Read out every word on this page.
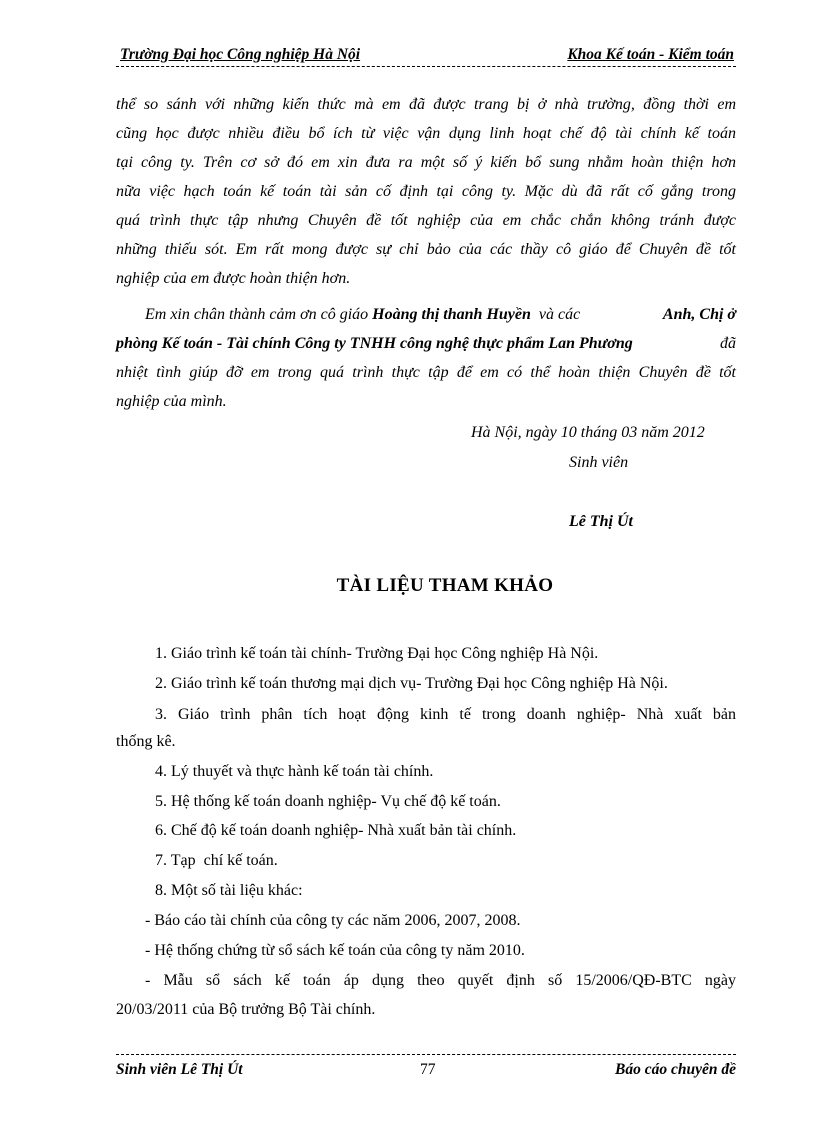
Trường Đại học Công nghiệp Hà Nội	Khoa Kế toán - Kiểm toán
thể so sánh với những kiến thức mà em đã được trang bị ở nhà trường, đồng thời em
cũng học được nhiều điều bổ ích từ việc vận dụng linh hoạt chế độ tài chính kế toán
tại công ty. Trên cơ sở đó em xin đưa ra một số ý kiến bổ sung nhằm hoàn thiện hơn
nữa việc hạch toán kế toán tài sản cố định tại công ty. Mặc dù đã rất cố gắng trong
quá trình thực tập nhưng Chuyên đề tốt nghiệp của em chắc chắn không tránh được
những thiếu sót. Em rất mong được sự chỉ bảo của các thầy cô giáo để Chuyên đề tốt
nghiệp của em được hoàn thiện hơn.
Em xin chân thành cảm ơn cô giáo Hoàng thị thanh Huyền  và các	Anh, Chị ở
phòng Kế toán - Tài chính Công ty TNHH công nghệ thực phẩm Lan Phương	đã
nhiệt tình giúp đỡ em trong quá trình thực tập để em có thể hoàn thiện Chuyên đề tốt
nghiệp của mình.
Hà Nội, ngày 10 tháng 03 năm 2012
Sinh viên
Lê Thị Út
TÀI LIỆU THAM KHẢO
1. Giáo trình kế toán tài chính- Trường Đại học Công nghiệp Hà Nội.
2. Giáo trình kế toán thương mại dịch vụ- Trường Đại học Công nghiệp Hà Nội.
3. Giáo trình phân tích hoạt động kinh tế trong doanh nghiệp- Nhà xuất bản
thống kê.
4. Lý thuyết và thực hành kế toán tài chính.
5. Hệ thống kế toán doanh nghiệp- Vụ chế độ kế toán.
6. Chế độ kế toán doanh nghiệp- Nhà xuất bản tài chính.
7. Tạp  chí kế toán.
8. Một số tài liệu khác:
- Báo cáo tài chính của công ty các năm 2006, 2007, 2008.
- Hệ thống chứng từ sổ sách kế toán của công ty năm 2010.
- Mẫu sổ sách kế toán áp dụng theo quyết định số 15/2006/QĐ-BTC ngày
20/03/2011 của Bộ trưởng Bộ Tài chính.
Sinh viên Lê Thị Út	77	Báo cáo chuyên đề
